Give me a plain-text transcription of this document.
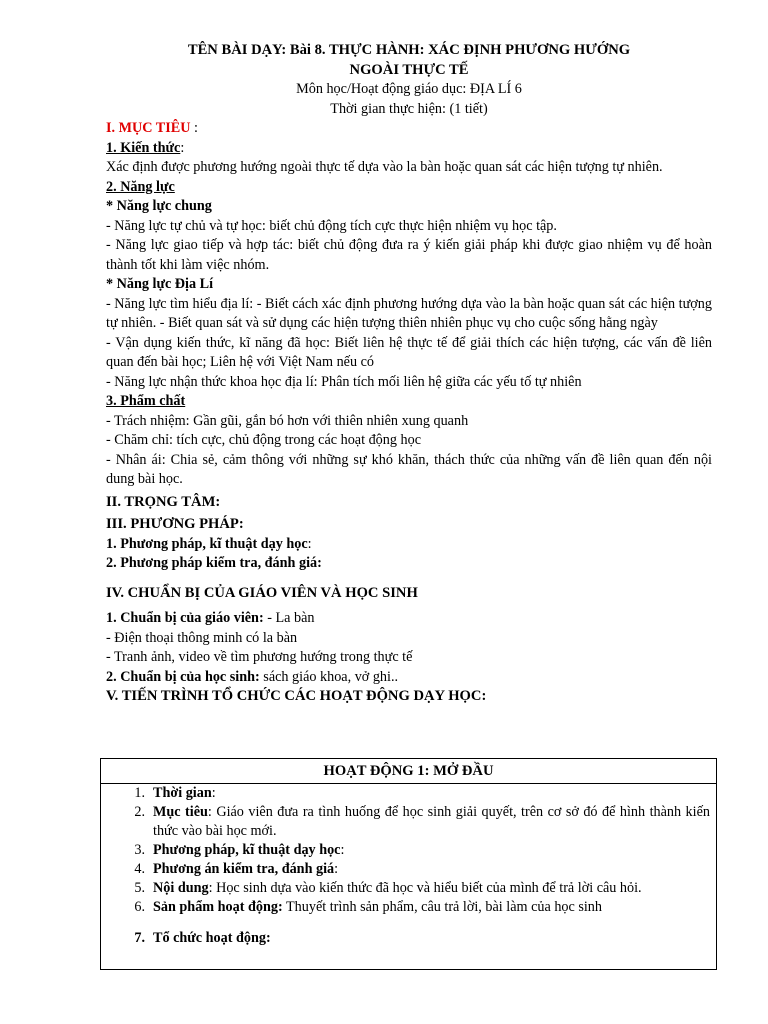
TÊN BÀI DẠY: Bài 8. THỰC HÀNH: XÁC ĐỊNH PHƯƠNG HƯỚNG
NGOÀI THỰC TẾ
Môn học/Hoạt động giáo dục: ĐỊA LÍ 6
Thời gian thực hiện: (1 tiết)
I. MỤC TIÊU :
1. Kiến thức:
Xác định được phương hướng ngoài thực tế dựa vào la bàn hoặc quan sát các hiện tượng tự nhiên.
2. Năng lực
* Năng lực chung
- Năng lực tự chủ và tự học: biết chủ động tích cực thực hiện nhiệm vụ học tập.
- Năng lực giao tiếp và hợp tác: biết chủ động đưa ra ý kiến giải pháp khi được giao nhiệm vụ để hoàn thành tốt khi làm việc nhóm.
* Năng lực Địa Lí
- Năng lực tìm hiểu địa lí: - Biết cách xác định phương hướng dựa vào la bàn hoặc quan sát các hiện tượng tự nhiên. - Biết quan sát và sử dụng các hiện tượng thiên nhiên phục vụ cho cuộc sống hằng ngày
- Vận dụng kiến thức, kĩ năng đã học: Biết liên hệ thực tế để giải thích các hiện tượng, các vấn đề liên quan đến bài học; Liên hệ với Việt Nam nếu có
- Năng lực nhận thức khoa học địa lí: Phân tích mối liên hệ giữa các yếu tố tự nhiên
3. Phẩm chất
- Trách nhiệm: Gần gũi, gắn bó hơn với thiên nhiên xung quanh
- Chăm chỉ: tích cực, chủ động trong các hoạt động học
- Nhân ái: Chia sẻ, cảm thông với những sự khó khăn, thách thức của những vấn đề liên quan đến nội dung bài học.
II. TRỌNG TÂM:
III. PHƯƠNG PHÁP:
1. Phương pháp, kĩ thuật dạy học:
2. Phương pháp kiểm tra, đánh giá:
IV. CHUẨN BỊ CỦA GIÁO VIÊN VÀ HỌC SINH
1. Chuẩn bị của giáo viên: - La bàn
- Điện thoại thông minh có la bàn
- Tranh ảnh, video về tìm phương hướng trong thực tế
2. Chuẩn bị của học sinh: sách giáo khoa, vở ghi..
V. TIẾN TRÌNH TỔ CHỨC CÁC HOẠT ĐỘNG DẠY HỌC:
HOẠT ĐỘNG 1: MỞ ĐẦU
1. Thời gian:
2. Mục tiêu: Giáo viên đưa ra tình huống để học sinh giải quyết, trên cơ sở đó để hình thành kiến thức vào bài học mới.
3. Phương pháp, kĩ thuật dạy học:
4. Phương án kiểm tra, đánh giá:
5. Nội dung: Học sinh dựa vào kiến thức đã học và hiểu biết của mình để trả lời câu hỏi.
6. Sản phẩm hoạt động: Thuyết trình sản phẩm, câu trả lời, bài làm của học sinh
7. Tổ chức hoạt động:
